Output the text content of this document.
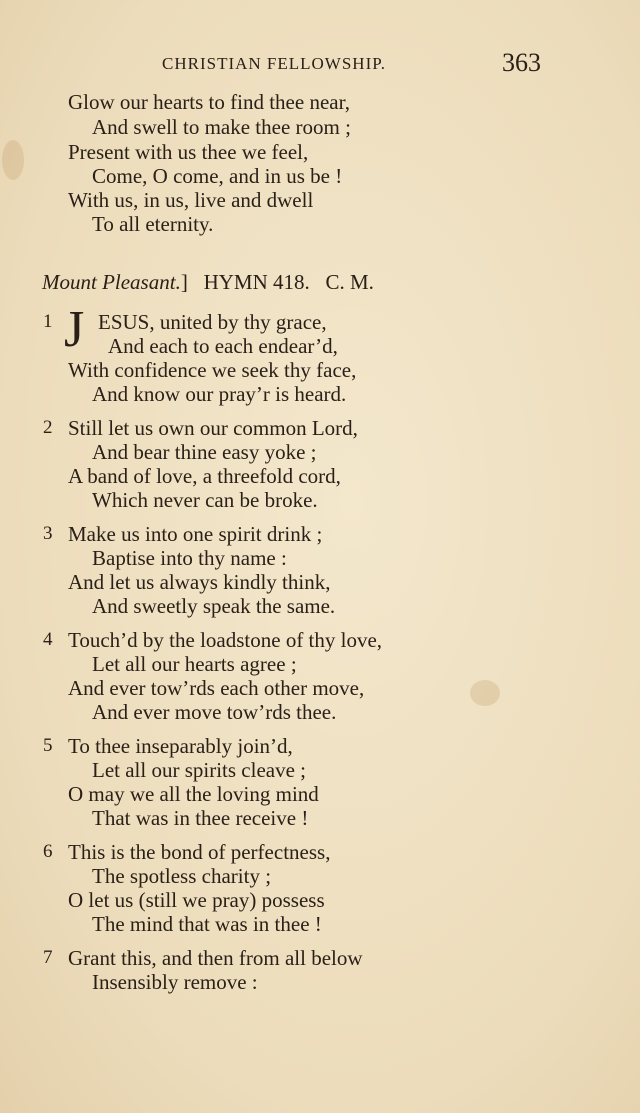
CHRISTIAN FELLOWSHIP.	363
Glow our hearts to find thee near,
And swell to make thee room ;
Present with us thee we feel,
Come, O come, and in us be !
With us, in us, live and dwell
To all eternity.
Mount Pleasant.] HYMN 418. C. M.
1 J ESUS, united by thy grace,
And each to each endear’d,
With confidence we seek thy face,
And know our pray’r is heard.
2 Still let us own our common Lord,
And bear thine easy yoke ;
A band of love, a threefold cord,
Which never can be broke.
3 Make us into one spirit drink ;
Baptise into thy name :
And let us always kindly think,
And sweetly speak the same.
4 Touch’d by the loadstone of thy love,
Let all our hearts agree ;
And ever tow’rds each other move,
And ever move tow’rds thee.
5 To thee inseparably join’d,
Let all our spirits cleave ;
O may we all the loving mind
That was in thee receive !
6 This is the bond of perfectness,
The spotless charity ;
O let us (still we pray) possess
The mind that was in thee !
7 Grant this, and then from all below
Insensibly remove :
